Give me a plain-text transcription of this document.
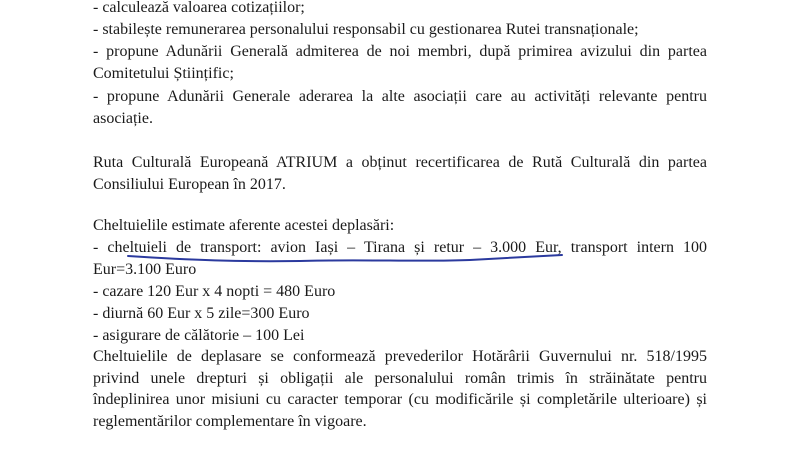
- calculează valoarea cotizațiilor;
- stabilește remunerarea personalului responsabil cu gestionarea Rutei transnaționale;
- propune Adunării Generală admiterea de noi membri, după primirea avizului din partea
Comitetului Științific;
- propune Adunării Generale aderarea la alte asociații care au activități relevante pentru
asociație.
Ruta Culturală Europeană ATRIUM a obținut recertificarea de Rută Culturală din partea
Consiliului European în 2017.
Cheltuielile estimate aferente acestei deplasări:
- cheltuieli de transport: avion Iași – Tirana și retur – 3.000 Eur, transport intern 100
Eur=3.100 Euro
- cazare 120 Eur x 4 nopti = 480 Euro
- diurnă 60 Eur x 5 zile=300 Euro
- asigurare de călătorie – 100 Lei
Cheltuielile de deplasare se conformează prevederilor Hotărârii Guvernului nr. 518/1995
privind unele drepturi și obligații ale personalului român trimis în străinătate pentru
îndeplinirea unor misiuni cu caracter temporar (cu modificările și completările ulterioare) și
reglementărilor complementare în vigoare.
